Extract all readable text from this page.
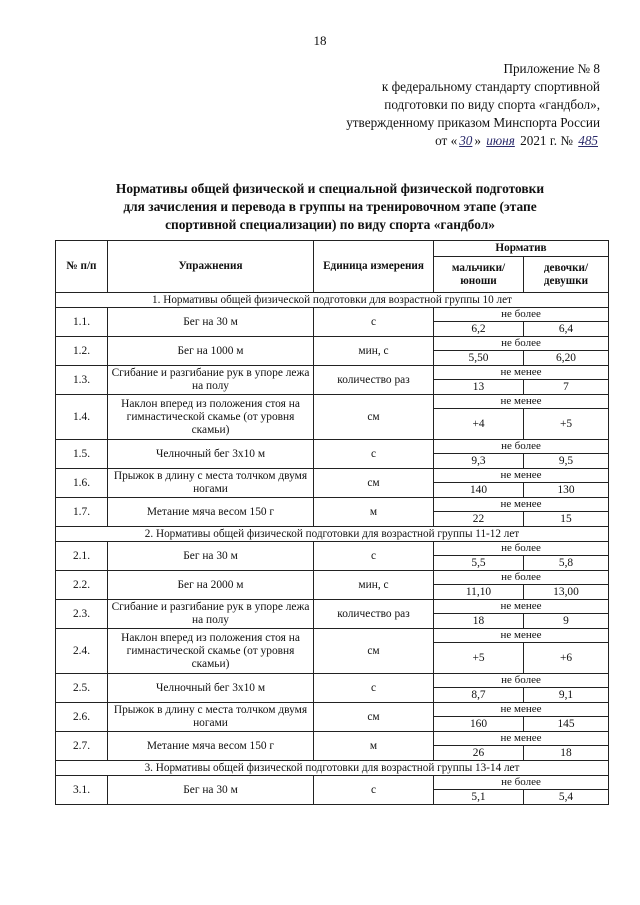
18
Приложение № 8
к федеральному стандарту спортивной
подготовки по виду спорта «гандбол»,
утвержденному приказом Минспорта России
от « 30 » июня 2021 г. № 485
Нормативы общей физической и специальной физической подготовки
для зачисления и перевода в группы на тренировочном этапе (этапе
спортивной специализации) по виду спорта «гандбол»
№ п/п	Упражнения	Единица измерения	Норматив	
			мальчики/ юноши	девочки/ девушки
1. Нормативы общей физической подготовки для возрастной группы 10 лет				
1.1.	Бег на 30 м	с	не более	
			6,2	6,4
1.2.	Бег на 1000 м	мин, с	не более	
			5,50	6,20
1.3.	Сгибание и разгибание рук в упоре лежа на полу	количество раз	не менее	
			13	7
1.4.	Наклон вперед из положения стоя на гимнастической скамье (от уровня скамьи)	см	не менее	
			+4	+5
1.5.	Челночный бег 3х10 м	с	не более	
			9,3	9,5
1.6.	Прыжок в длину с места толчком двумя ногами	см	не менее	
			140	130
1.7.	Метание мяча весом 150 г	м	не менее	
			22	15
2. Нормативы общей физической подготовки для возрастной группы 11-12 лет				
2.1.	Бег на 30 м	с	не более	
			5,5	5,8
2.2.	Бег на 2000 м	мин, с	не более	
			11,10	13,00
2.3.	Сгибание и разгибание рук в упоре лежа на полу	количество раз	не менее	
			18	9
2.4.	Наклон вперед из положения стоя на гимнастической скамье (от уровня скамьи)	см	не менее	
			+5	+6
2.5.	Челночный бег 3х10 м	с	не более	
			8,7	9,1
2.6.	Прыжок в длину с места толчком двумя ногами	см	не менее	
			160	145
2.7.	Метание мяча весом 150 г	м	не менее	
			26	18
3. Нормативы общей физической подготовки для возрастной группы 13-14 лет				
3.1.	Бег на 30 м	с	не более	
			5,1	5,4
